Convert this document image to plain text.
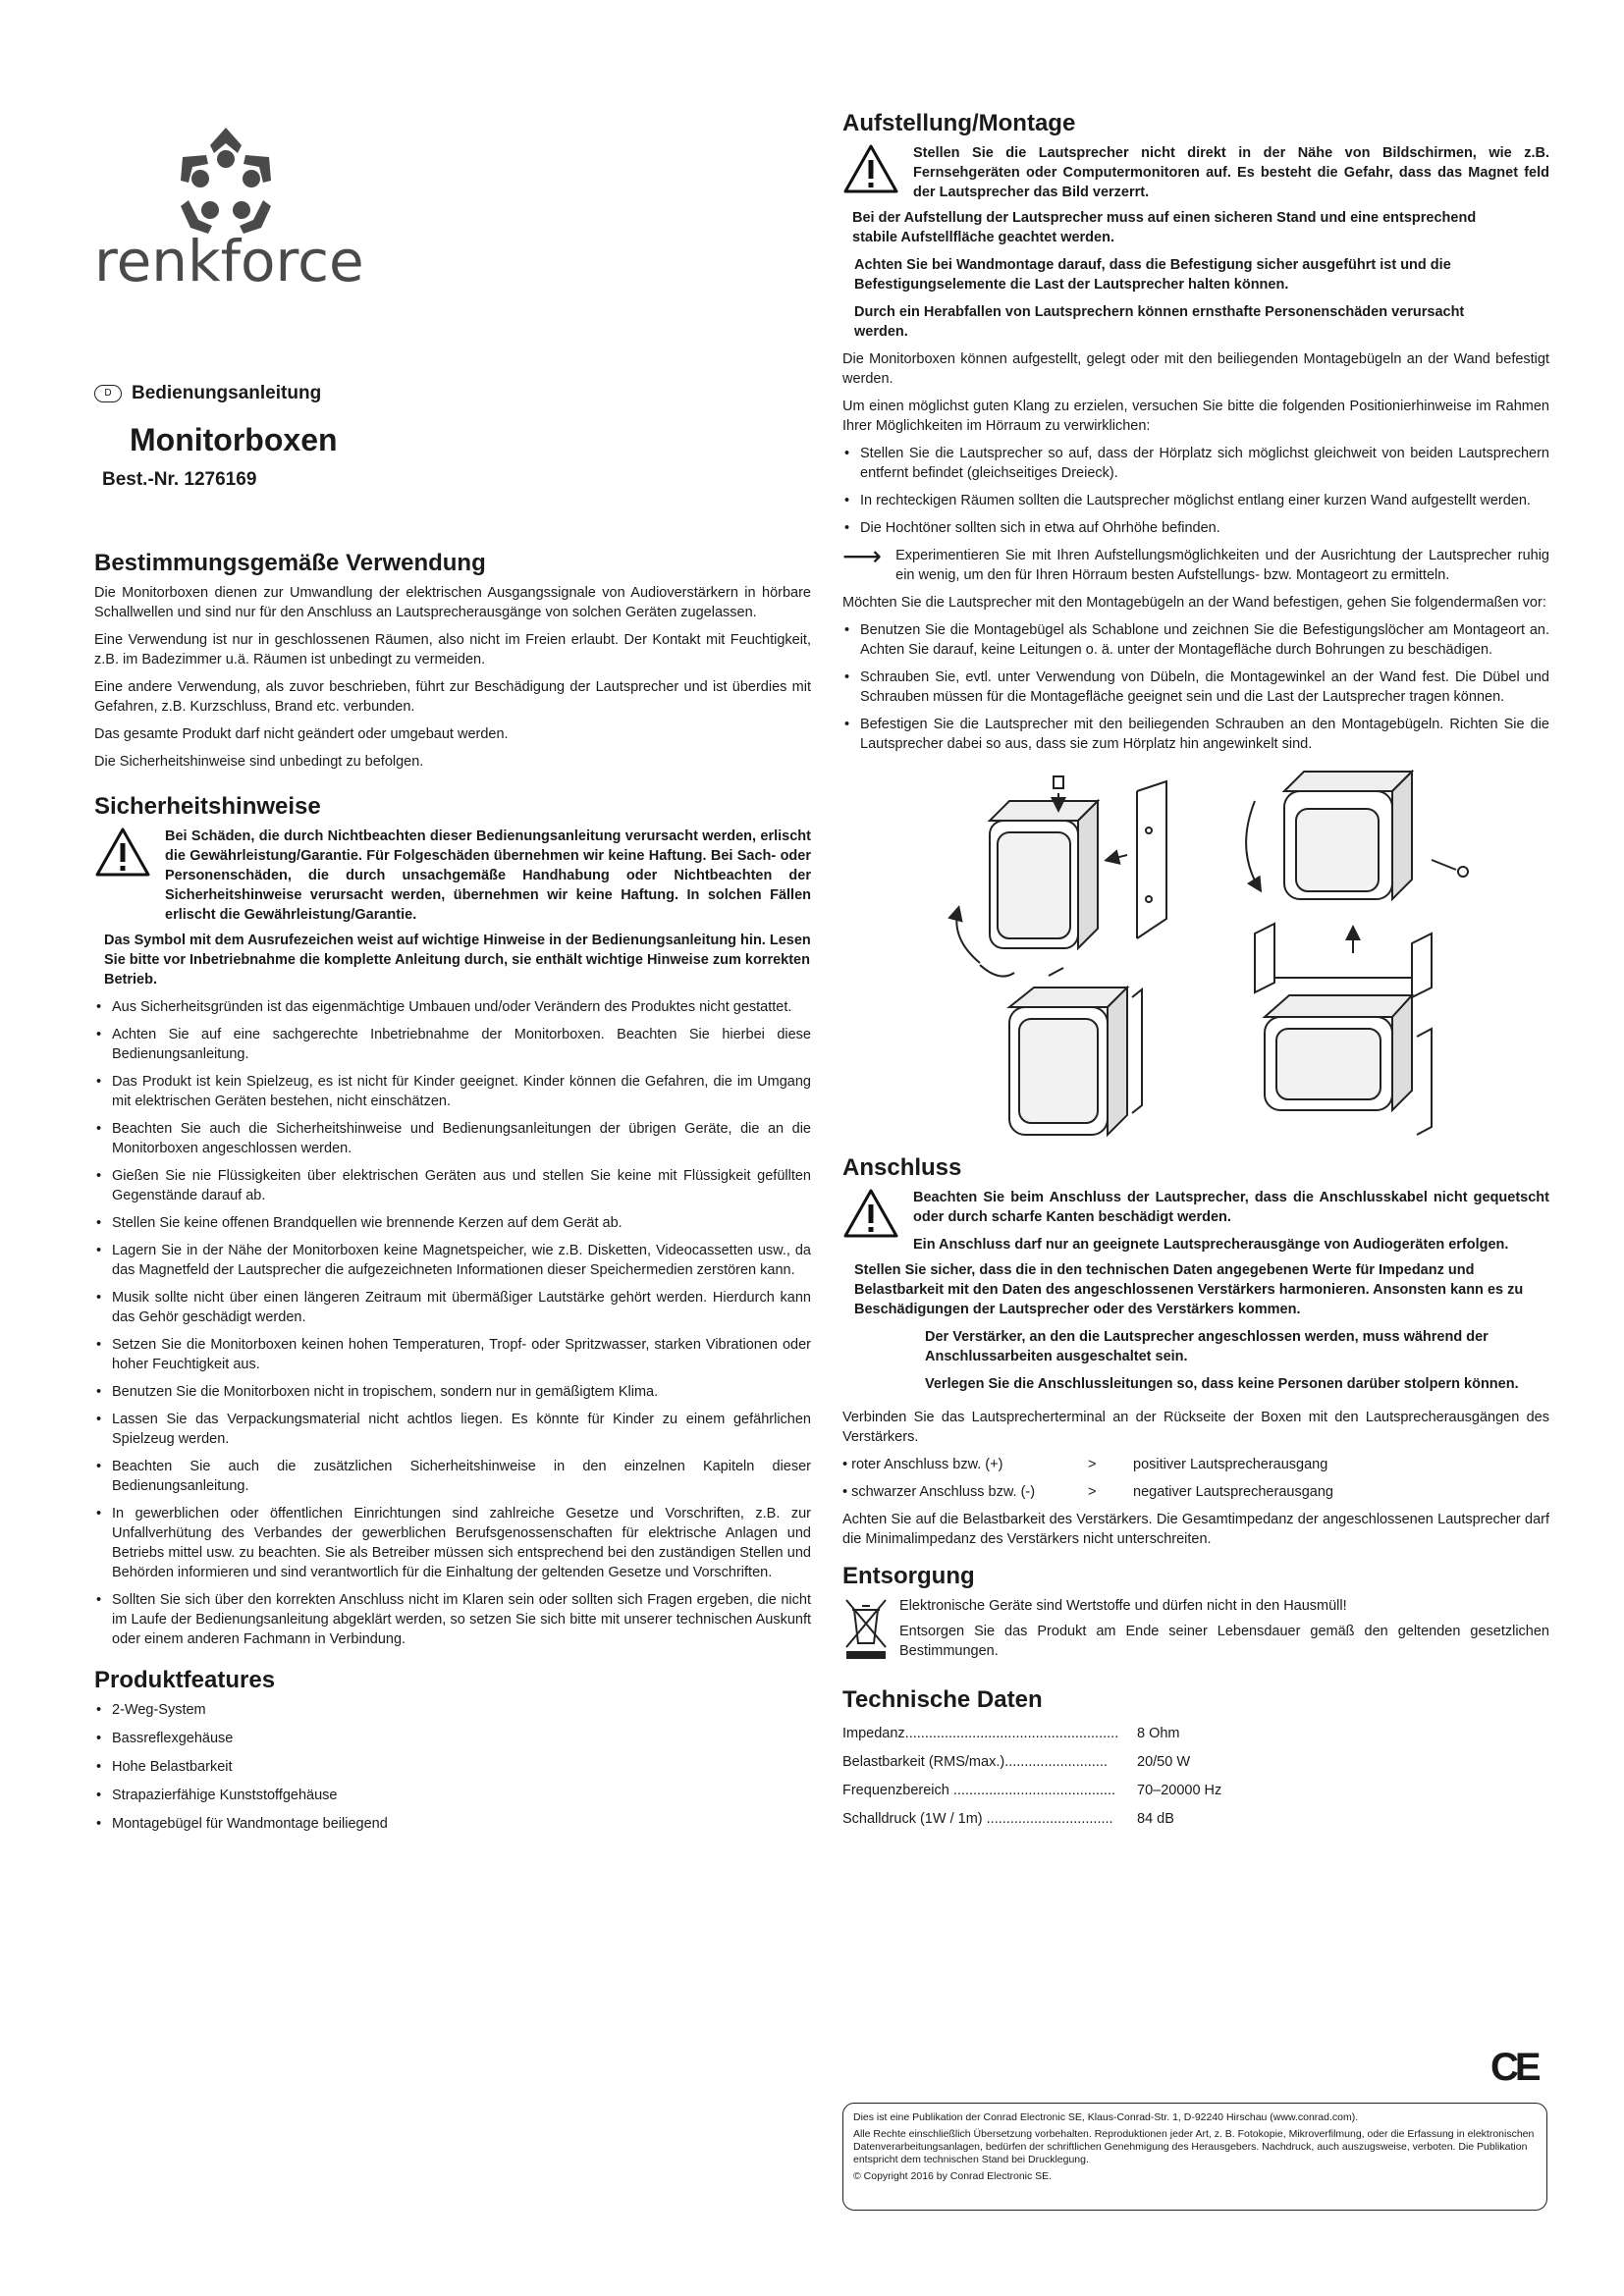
renkforce
D	Bedienungsanleitung
Monitorboxen
Best.-Nr. 1276169
Bestimmungsgemäße Verwendung

Die Monitorboxen dienen zur Umwandlung der elektrischen Ausgangssignale von Audioverstärkern in hörbare Schallwellen und sind nur für den Anschluss an Lautsprecherausgänge von solchen Geräten zugelassen.

Eine Verwendung ist nur in geschlossenen Räumen, also nicht im Freien erlaubt. Der Kontakt mit Feuchtigkeit, z.B. im Badezimmer u.ä. Räumen ist unbedingt zu vermeiden.

Eine andere Verwendung, als zuvor beschrieben, führt zur Beschädigung der Lautsprecher und ist überdies mit Gefahren, z.B. Kurzschluss, Brand etc. verbunden.

Das gesamte Produkt darf nicht geändert oder umgebaut werden.

Die Sicherheitshinweise sind unbedingt zu befolgen.

Sicherheitshinweise
Bei Schäden, die durch Nichtbeachten dieser Bedienungsanleitung verursacht werden, erlischt die Gewährleistung/Garantie. Für Folgeschäden übernehmen wir keine Haftung. Bei Sach- oder Personenschäden, die durch unsachgemäße Handhabung oder Nichtbeachten der Sicherheitshinweise verursacht werden, übernehmen wir keine Haftung. In solchen Fällen erlischt die Gewährleistung/Garantie.

Das Symbol mit dem Ausrufezeichen weist auf wichtige Hinweise in der Bedienungsanleitung hin. Lesen Sie bitte vor Inbetriebnahme die komplette Anleitung durch, sie enthält wichtige Hinweise zum korrekten Betrieb.

• Aus Sicherheitsgründen ist das eigenmächtige Umbauen und/oder Verändern des Produktes nicht gestattet.
• Achten Sie auf eine sachgerechte Inbetriebnahme der Monitorboxen. Beachten Sie hierbei diese Bedienungsanleitung.
• Das Produkt ist kein Spielzeug, es ist nicht für Kinder geeignet. Kinder können die Gefahren, die im Umgang mit elektrischen Geräten bestehen, nicht einschätzen.
• Beachten Sie auch die Sicherheitshinweise und Bedienungsanleitungen der übrigen Geräte, die an die Monitorboxen angeschlossen werden.
• Gießen Sie nie Flüssigkeiten über elektrischen Geräten aus und stellen Sie keine mit Flüssigkeit gefüllten Gegenstände darauf ab.
• Stellen Sie keine offenen Brandquellen wie brennende Kerzen auf dem Gerät ab.
• Lagern Sie in der Nähe der Monitorboxen keine Magnetspeicher, wie z.B. Disketten, Videocassetten usw., da das Magnetfeld der Lautsprecher die aufgezeichneten Informationen dieser Speichermedien zerstören kann.
• Musik sollte nicht über einen längeren Zeitraum mit übermäßiger Lautstärke gehört werden. Hierdurch kann das Gehör geschädigt werden.
• Setzen Sie die Monitorboxen keinen hohen Temperaturen, Tropf- oder Spritzwasser, starken Vibrationen oder hoher Feuchtigkeit aus.
• Benutzen Sie die Monitorboxen nicht in tropischem, sondern nur in gemäßigtem Klima.
• Lassen Sie das Verpackungsmaterial nicht achtlos liegen. Es könnte für Kinder zu einem gefährlichen Spielzeug werden.
• Beachten Sie auch die zusätzlichen Sicherheitshinweise in den einzelnen Kapiteln dieser Bedienungsanleitung.
• In gewerblichen oder öffentlichen Einrichtungen sind zahlreiche Gesetze und Vorschriften, z.B. zur Unfallverhütung des Verbandes der gewerblichen Berufsgenossenschaften für elektrische Anlagen und Betriebs mittel usw. zu beachten. Sie als Betreiber müssen sich entsprechend bei den zuständigen Stellen und Behörden informieren und sind verantwortlich für die Einhaltung der geltenden Gesetze und Vorschriften.
• Sollten Sie sich über den korrekten Anschluss nicht im Klaren sein oder sollten sich Fragen ergeben, die nicht im Laufe der Bedienungsanleitung abgeklärt werden, so setzen Sie sich bitte mit unserer technischen Auskunft oder einem anderen Fachmann in Verbindung.
Produktfeatures
• 2-Weg-System
• Bassreflexgehäuse
• Hohe Belastbarkeit
• Strapazierfähige Kunststoffgehäuse
• Montagebügel für Wandmontage beiliegend
Aufstellung/Montage
Stellen Sie die Lautsprecher nicht direkt in der Nähe von Bildschirmen, wie z.B. Fernsehgeräten oder Computermonitoren auf. Es besteht die Gefahr, dass das Magnet feld der Lautsprecher das Bild verzerrt.

Bei der Aufstellung der Lautsprecher muss auf einen sicheren Stand und eine entsprechend stabile Aufstellfläche geachtet werden.

Achten Sie bei Wandmontage darauf, dass die Befestigung sicher ausgeführt ist und die Befestigungselemente die Last der Lautsprecher halten können.

Durch ein Herabfallen von Lautsprechern können ernsthafte Personenschäden verursacht werden.

Die Monitorboxen können aufgestellt, gelegt oder mit den beiliegenden Montagebügeln an der Wand befestigt werden.

Um einen möglichst guten Klang zu erzielen, versuchen Sie bitte die folgenden Positionierhinweise im Rahmen Ihrer Möglichkeiten im Hörraum zu verwirklichen:

• Stellen Sie die Lautsprecher so auf, dass der Hörplatz sich möglichst gleichweit von beiden Lautsprechern entfernt befindet (gleichseitiges Dreieck).
• In rechteckigen Räumen sollten die Lautsprecher möglichst entlang einer kurzen Wand aufgestellt werden.
• Die Hochtöner sollten sich in etwa auf Ohrhöhe befinden.
⟶ Experimentieren Sie mit Ihren Aufstellungsmöglichkeiten und der Ausrichtung der Lautsprecher ruhig ein wenig, um den für Ihren Hörraum besten Aufstellungs- bzw. Montageort zu ermitteln.

Möchten Sie die Lautsprecher mit den Montagebügeln an der Wand befestigen, gehen Sie folgendermaßen vor:

• Benutzen Sie die Montagebügel als Schablone und zeichnen Sie die Befestigungslöcher am Montageort an. Achten Sie darauf, keine Leitungen o. ä. unter der Montagefläche durch Bohrungen zu beschädigen.
• Schrauben Sie, evtl. unter Verwendung von Dübeln, die Montagewinkel an der Wand fest. Die Dübel und Schrauben müssen für die Montagefläche geeignet sein und die Last der Lautsprecher tragen können.
• Befestigen Sie die Lautsprecher mit den beiliegenden Schrauben an den Montagebügeln. Richten Sie die Lautsprecher dabei so aus, dass sie zum Hörplatz hin angewinkelt sind.
Anschluss
Beachten Sie beim Anschluss der Lautsprecher, dass die Anschlusskabel nicht gequetscht oder durch scharfe Kanten beschädigt werden.
Ein Anschluss darf nur an geeignete Lautsprecherausgänge von Audiogeräten erfolgen.

Stellen Sie sicher, dass die in den technischen Daten angegebenen Werte für Impedanz und Belastbarkeit mit den Daten des angeschlossenen Verstärkers harmonieren. Ansonsten kann es zu Beschädigungen der Lautsprecher oder des Verstärkers kommen.

Der Verstärker, an den die Lautsprecher angeschlossen werden, muss während der Anschlussarbeiten ausgeschaltet sein.

Verlegen Sie die Anschlussleitungen so, dass keine Personen darüber stolpern können.

Verbinden Sie das Lautsprecherterminal an der Rückseite der Boxen mit den Lautsprecherausgängen des Verstärkers.

• roter Anschluss bzw. (+)	>	positiver Lautsprecherausgang
• schwarzer Anschluss bzw. (-)	>	negativer Lautsprecherausgang

Achten Sie auf die Belastbarkeit des Verstärkers. Die Gesamtimpedanz der angeschlossenen Lautsprecher darf die Minimalimpedanz des Verstärkers nicht unterschreiten.

Entsorgung

Elektronische Geräte sind Wertstoffe und dürfen nicht in den Hausmüll!

Entsorgen Sie das Produkt am Ende seiner Lebensdauer gemäß den geltenden gesetzlichen Bestimmungen.

Technische Daten
Impedanz......................................................	8 Ohm
Belastbarkeit (RMS/max.)..........................	20/50 W
Frequenzbereich .........................................	70–20000 Hz
Schalldruck (1W / 1m) ................................	84 dB
CE

Dies ist eine Publikation der Conrad Electronic SE, Klaus-Conrad-Str. 1, D-92240 Hirschau (www.conrad.com).

Alle Rechte einschließlich Übersetzung vorbehalten. Reproduktionen jeder Art, z. B. Fotokopie, Mikroverfilmung, oder die Erfassung in elektronischen Datenverarbeitungsanlagen, bedürfen der schriftlichen Genehmigung des Herausgebers. Nachdruck, auch auszugsweise, verboten. Die Publikation entspricht dem technischen Stand bei Drucklegung.

© Copyright 2016 by Conrad Electronic SE.
